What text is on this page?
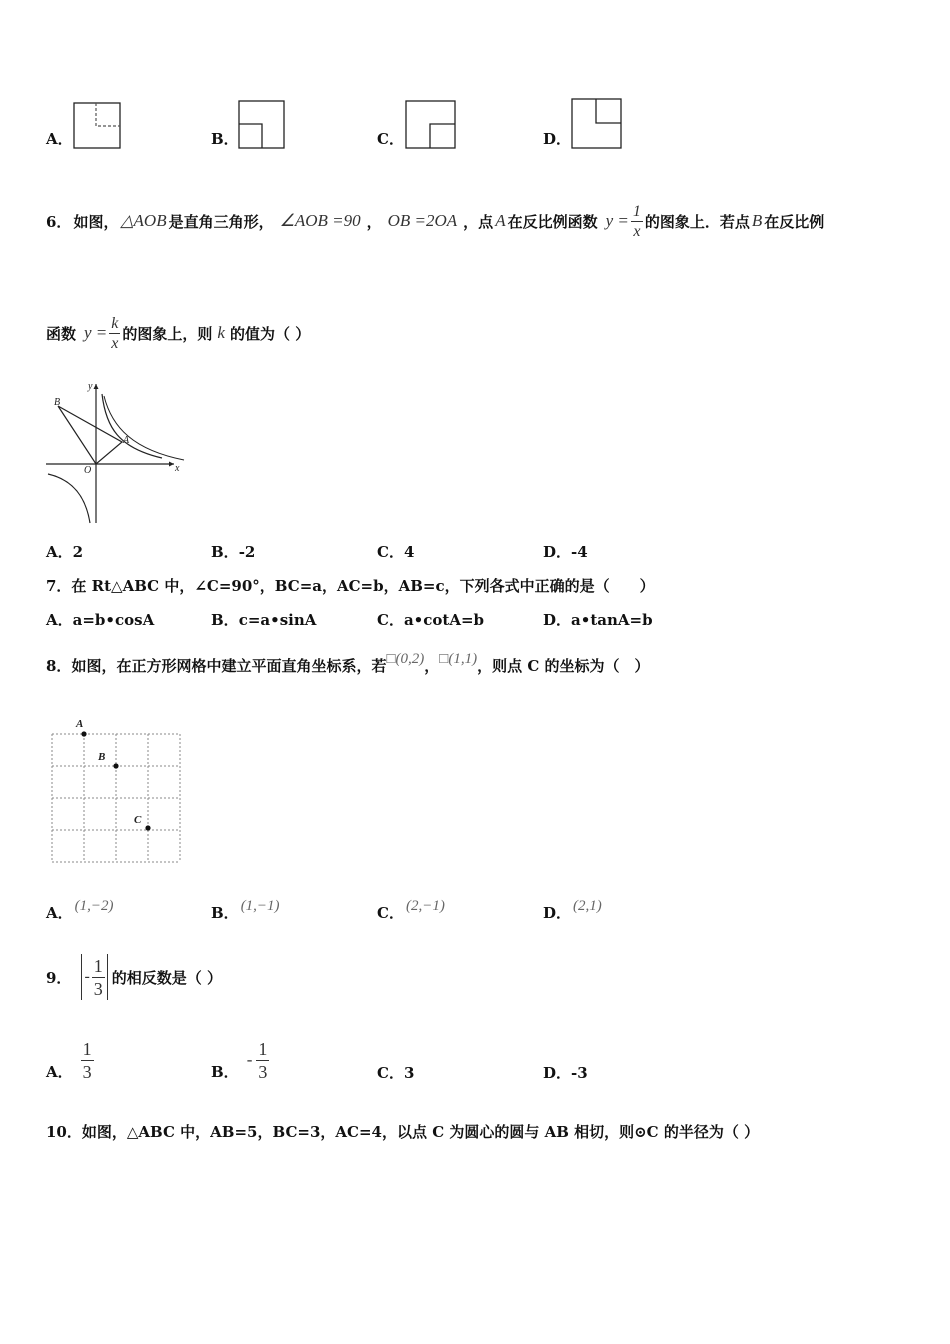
A．	B．	C．	D．
6． 如图， △AOB 是直角三角形， ∠AOB =90 ， OB =2OA ，点 A 在反比例函数 $y = \frac{1}{x}$ 的图象上．若点 B 在反比例
函数 $y = \frac{k}{x}$ 的图象上，则 k 的值为（ ）
B
A
O	x
y
A．2	B．-2	C．4	D．-4
7．在 Rt△ABC 中，∠C=90°，BC=a，AC=b，AB=c，下列各式中正确的是（　　）
A．a=b•cosA	B．c=a•sinA	C．a•cotA=b	D．a•tanA=b
8． 如图，在正方形网格中建立平面直角坐标系，若 □(0,2) ， □(1,1) ，则点 C 的坐标为（　）
A
B
C
A． (1,−2)	B． (1,−1)	C． (2,−1)	D． (2,1)
9． - $\frac{1}{3}$ 的相反数是（ ）
A． $\frac{1}{3}$	B．
- $\frac{1}{3}$	C．3	D．-3
10．如图，△ABC 中，AB=5，BC=3，AC=4，以点 C 为圆心的圆与 AB 相切，则⊙C 的半径为（ ）
